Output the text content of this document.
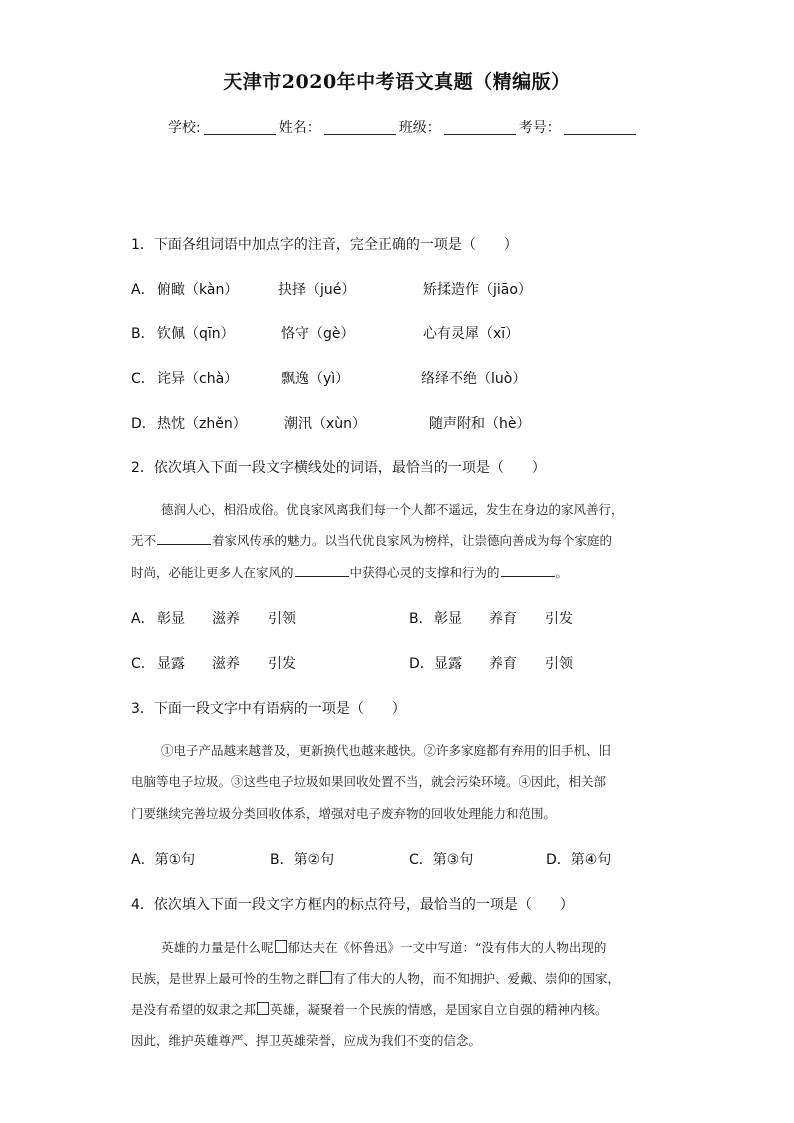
天津市2020年中考语文真题（精编版）
学校:	姓名：	班级：	考号：
1．下面各组词语中加点字的注音，完全正确的一项是（　　）
A． 俯瞰（kàn）	抉择（jué）	矫揉造作（jiāo）
B． 钦佩（qīn）	恪守（gè）	心有灵犀（xī）
C． 诧异（chà）	飘逸（yì）	络绎不绝（luò）
D． 热忱（zhěn）	潮汛（xùn）	随声附和（hè）
2．依次填入下面一段文字横线处的词语，最恰当的一项是（　　）
德润人心，相沿成俗。优良家风离我们每一个人都不遥远，发生在身边的家风善行，
无不	着家风传承的魅力。以当代优良家风为榜样，让崇德向善成为每个家庭的
时尚，必能让更多人在家风的	中获得心灵的支撑和行为的	。
A． 彰显 滋养 引领	B． 彰显 养育 引发
C． 显露 滋养 引发	D． 显露 养育 引领
3．下面一段文字中有语病的一项是（　　）
①电子产品越来越普及，更新换代也越来越快。②许多家庭都有弃用的旧手机、旧
电脑等电子垃圾。③这些电子垃圾如果回收处置不当，就会污染环境。④因此，相关部
门要继续完善垃圾分类回收体系，增强对电子废弃物的回收处理能力和范围。
A．第①句	B．第②句	C．第③句	D．第④句
4．依次填入下面一段文字方框内的标点符号，最恰当的一项是（　　）
英雄的力量是什么呢 郁达夫在《怀鲁迅》一文中写道：“没有伟大的人物出现的
民族，是世界上最可怜的生物之群 有了伟大的人物，而不知拥护、爱戴、崇仰的国家，
是没有希望的奴隶之邦 英雄，凝聚着一个民族的情感，是国家自立自强的精神内核。
因此，维护英雄尊严、捍卫英雄荣誉，应成为我们不变的信念。
